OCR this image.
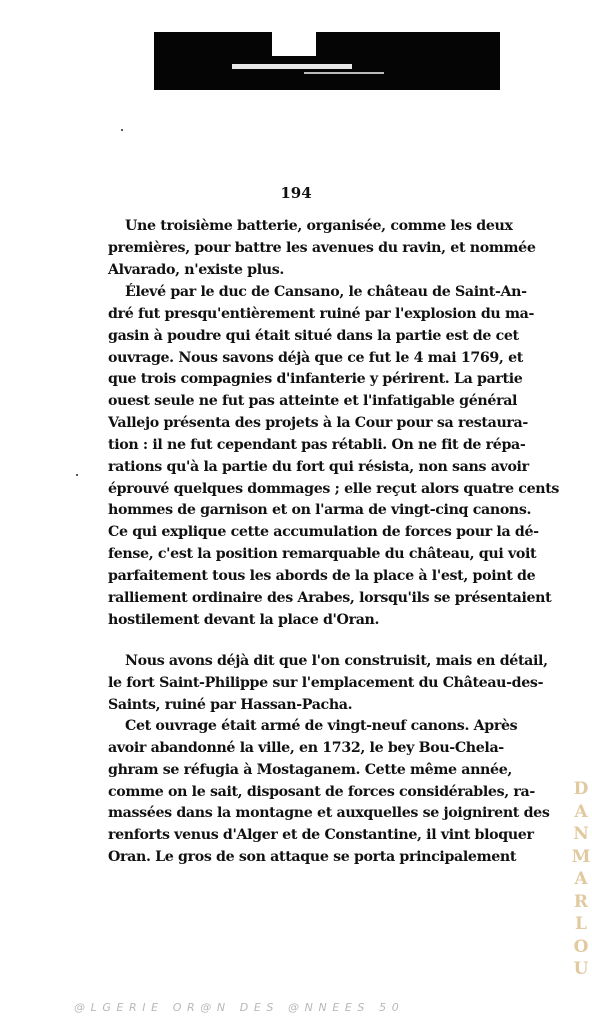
194
Une troisième batterie, organisée, comme les deux
premières, pour battre les avenues du ravin, et nommée
Alvarado, n'existe plus.
Élevé par le duc de Cansano, le château de Saint-An-
dré fut presqu'entièrement ruiné par l'explosion du ma-
gasin à poudre qui était situé dans la partie est de cet
ouvrage. Nous savons déjà que ce fut le 4 mai 1769, et
que trois compagnies d'infanterie y périrent. La partie
ouest seule ne fut pas atteinte et l'infatigable général
Vallejo présenta des projets à la Cour pour sa restaura-
tion : il ne fut cependant pas rétabli. On ne fit de répa-
rations qu'à la partie du fort qui résista, non sans avoir
éprouvé quelques dommages ; elle reçut alors quatre cents
hommes de garnison et on l'arma de vingt-cinq canons.
Ce qui explique cette accumulation de forces pour la dé-
fense, c'est la position remarquable du château, qui voit
parfaitement tous les abords de la place à l'est, point de
ralliement ordinaire des Arabes, lorsqu'ils se présentaient
hostilement devant la place d'Oran.
Nous avons déjà dit que l'on construisit, mais en détail,
le fort Saint-Philippe sur l'emplacement du Château-des-
Saints, ruiné par Hassan-Pacha.
Cet ouvrage était armé de vingt-neuf canons. Après
avoir abandonné la ville, en 1732, le bey Bou-Chela-
ghram se réfugia à Mostaganem. Cette même année,
comme on le sait, disposant de forces considérables, ra-
massées dans la montagne et auxquelles se joignirent des
renforts venus d'Alger et de Constantine, il vint bloquer
Oran. Le gros de son attaque se porta principalement
D
A
N
M
A
R
L
O
U
@LGERIE OR@N DES @NNEES 50
